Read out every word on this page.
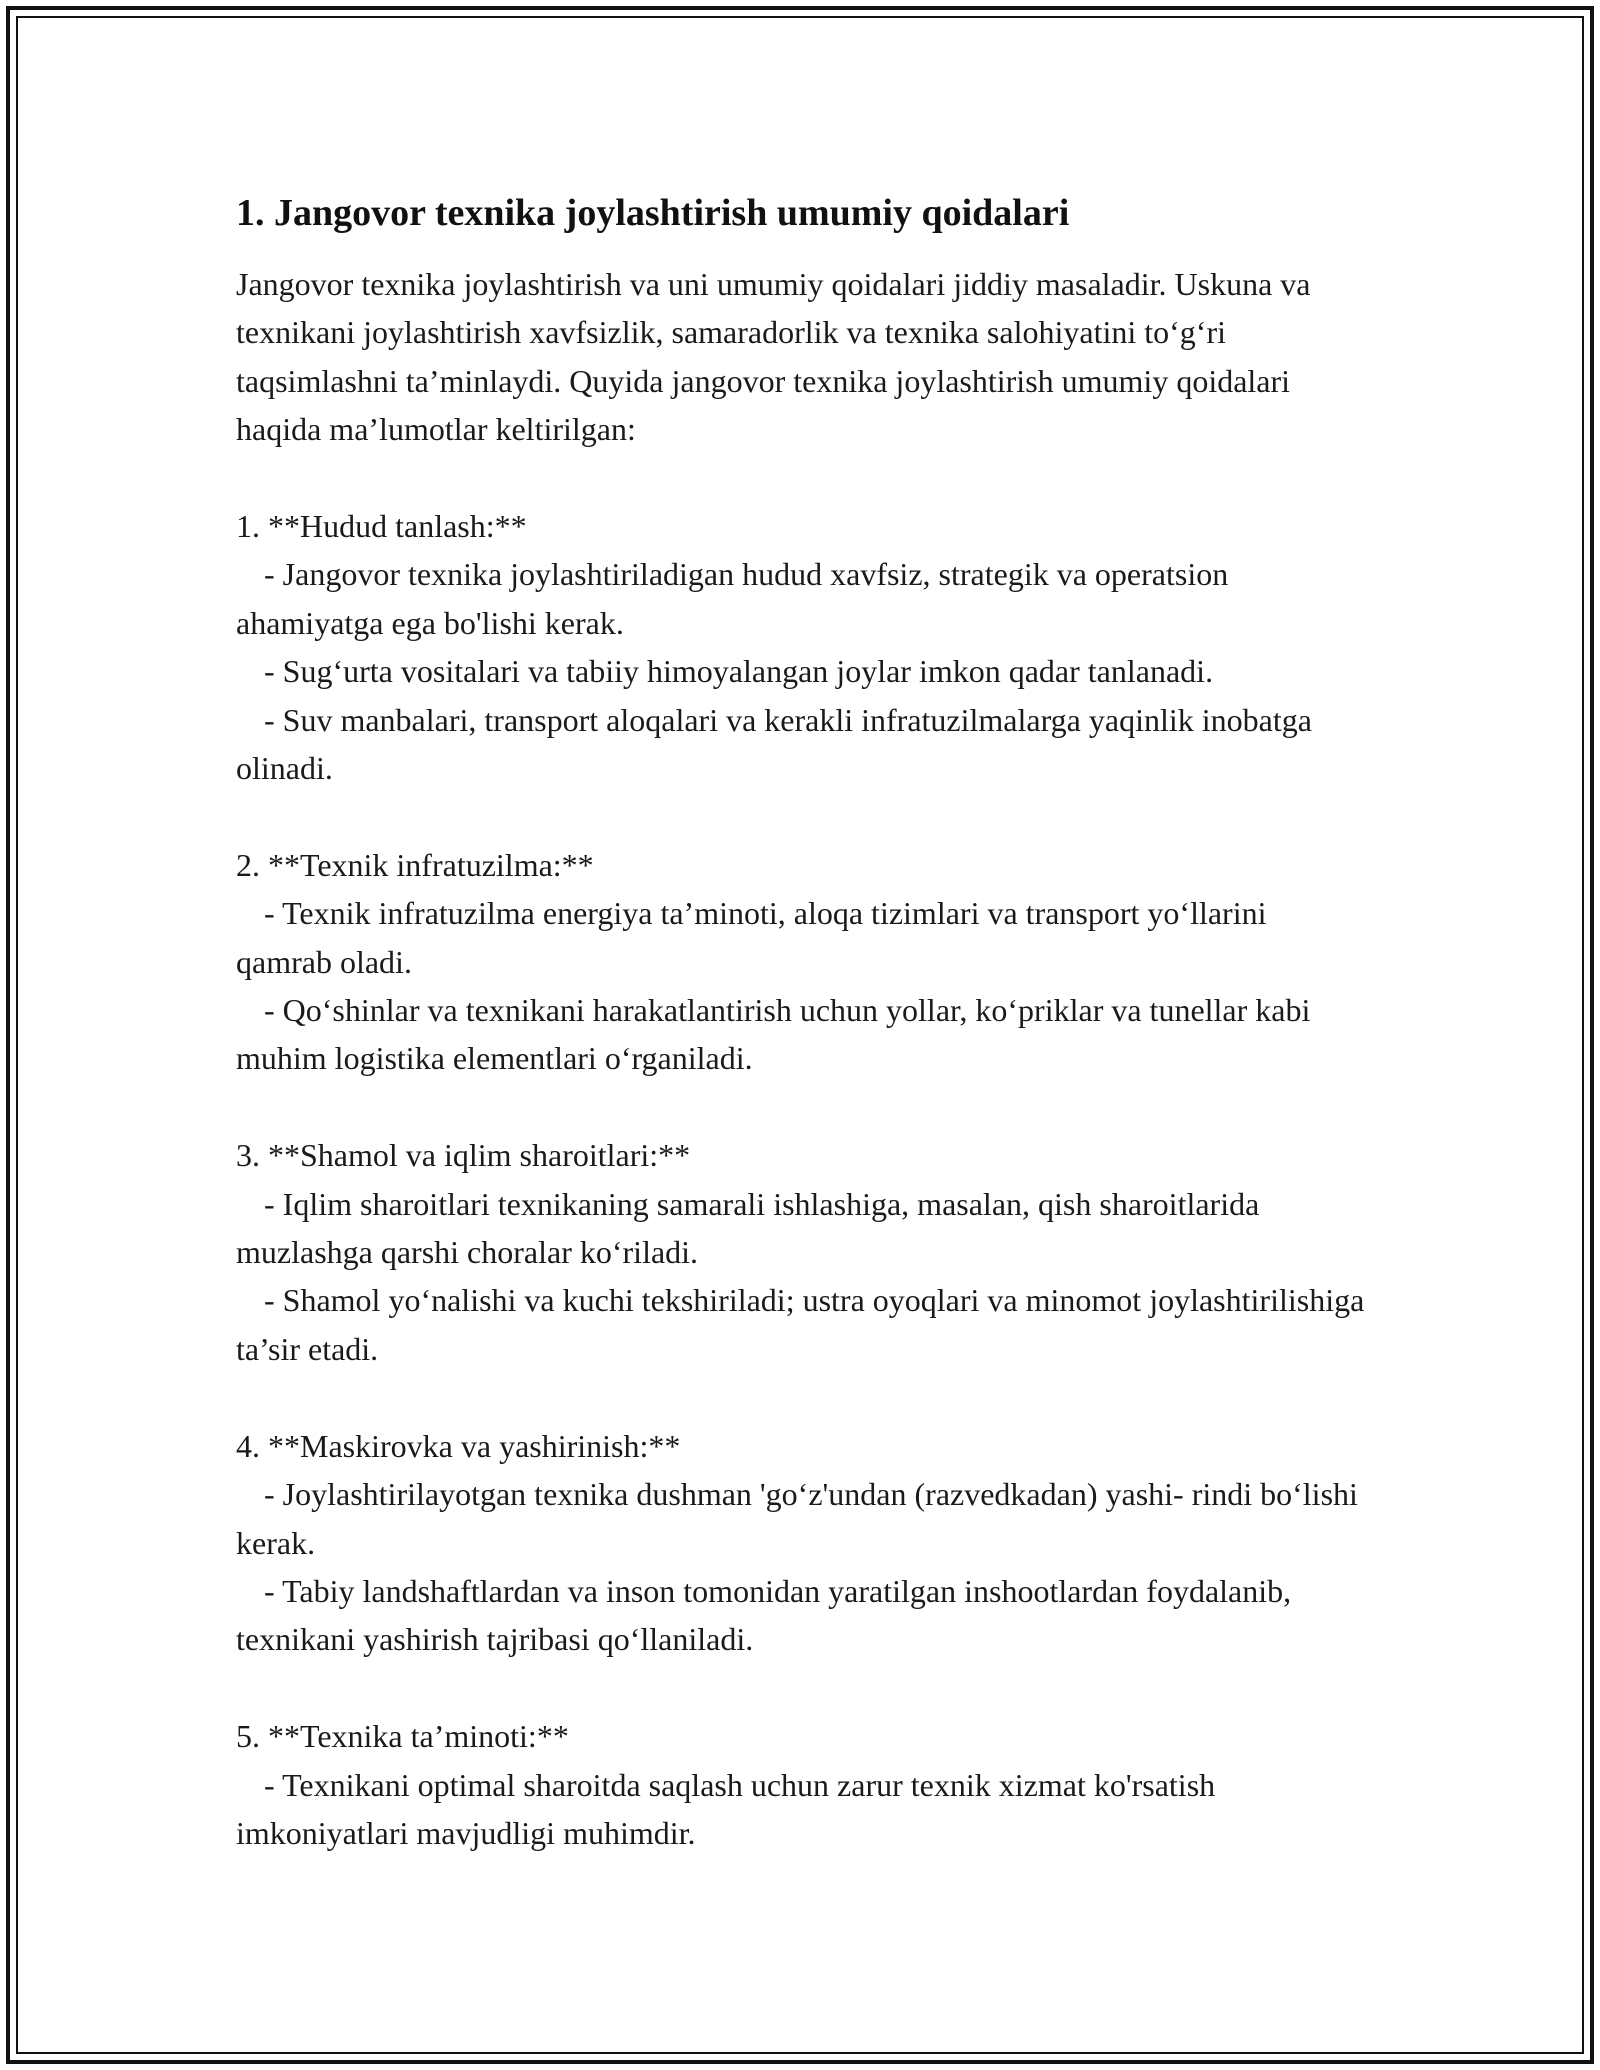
1. Jangovor texnika joylashtirish umumiy qoidalari

Jangovor texnika joylashtirish va uni umumiy qoidalari jiddiy masaladir. Uskuna va texnikani joylashtirish xavfsizlik, samaradorlik va texnika salohiyatini to‘g‘ri taqsimlashni ta’minlaydi. Quyida jangovor texnika joylashtirish umumiy qoidalari haqida ma’lumotlar keltirilgan:

1. **Hudud tanlash:**

- Jangovor texnika joylashtiriladigan hudud xavfsiz, strategik va operatsion ahamiyatga ega bo'lishi kerak.

- Sug‘urta vositalari va tabiiy himoyalangan joylar imkon qadar tanlanadi.

- Suv manbalari, transport aloqalari va kerakli infratuzilmalarga yaqinlik inobatga olinadi.

2. **Texnik infratuzilma:**

- Texnik infratuzilma energiya ta’minoti, aloqa tizimlari va transport yo‘llarini qamrab oladi.

- Qo‘shinlar va texnikani harakatlantirish uchun yollar, ko‘priklar va tunellar kabi muhim logistika elementlari o‘rganiladi.

3. **Shamol va iqlim sharoitlari:**

- Iqlim sharoitlari texnikaning samarali ishlashiga, masalan, qish sharoitlarida muzlashga qarshi choralar ko‘riladi.

- Shamol yo‘nalishi va kuchi tekshiriladi; ustra oyoqlari va minomot joylashtirilishiga ta’sir etadi.

4. **Maskirovka va yashirinish:**

- Joylashtirilayotgan texnika dushman 'go‘z'undan (razvedkadan) yashi- rindi bo‘lishi kerak.

- Tabiy landshaftlardan va inson tomonidan yaratilgan inshootlardan foydalanib, texnikani yashirish tajribasi qo‘llaniladi.

5. **Texnika ta’minoti:**

- Texnikani optimal sharoitda saqlash uchun zarur texnik xizmat ko'rsatish imkoniyatlari mavjudligi muhimdir.
